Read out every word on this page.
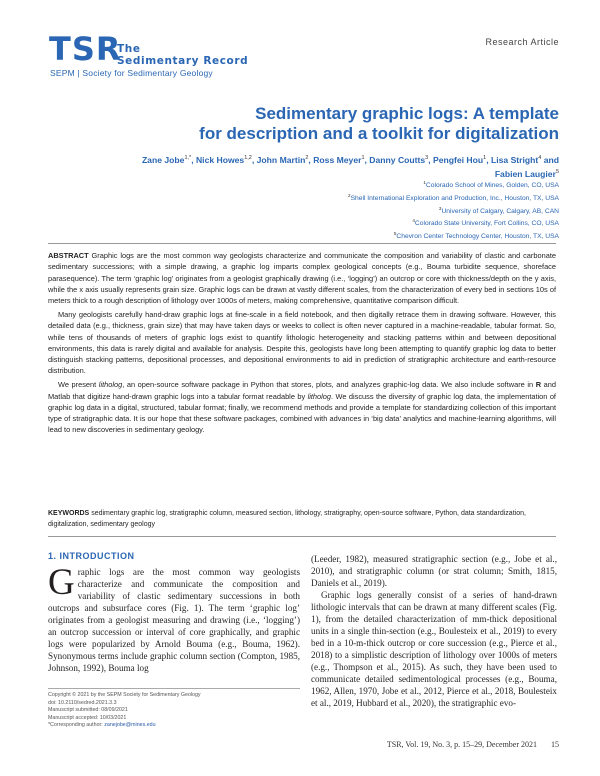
TSR
The
Sedimentary Record
SEPM | Society for Sedimentary Geology
Research Article
Sedimentary graphic logs: A template
for description and a toolkit for digitalization
Zane Jobe$^{1,*}$, Nick Howes$^{1,2}$, John Martin$^2$, Ross Meyer$^1$, Danny Coutts$^3$, Pengfei Hou$^1$, Lisa Stright$^4$ and
Fabien Laugier$^5$
$^1$Colorado School of Mines, Golden, CO, USA
$^2$Shell International Exploration and Production, Inc., Houston, TX, USA
$^3$University of Calgary, Calgary, AB, CAN
$^4$Colorado State University, Fort Collins, CO, USA
$^5$Chevron Center Technology Center, Houston, TX, USA

ABSTRACT Graphic logs are the most common way geologists characterize and communicate the composition and variability of clastic and carbonate sedimentary successions; with a simple drawing, a graphic log imparts complex geological concepts (e.g., Bouma turbidite sequence, shoreface parasequence). The term ‘graphic log’ originates from a geologist graphically drawing (i.e., ‘logging’) an outcrop or core with thickness/depth on the y axis, while the x axis usually represents grain size. Graphic logs can be drawn at vastly different scales, from the characterization of every bed in sections 10s of meters thick to a rough description of lithology over 1000s of meters, making comprehensive, quantitative comparison difficult.

Many geologists carefully hand-draw graphic logs at fine-scale in a field notebook, and then digitally retrace them in drawing software. However, this detailed data (e.g., thickness, grain size) that may have taken days or weeks to collect is often never captured in a machine-readable, tabular format. So, while tens of thousands of meters of graphic logs exist to quantify lithologic heterogeneity and stacking patterns within and between depositional environments, this data is rarely digital and available for analysis. Despite this, geologists have long been attempting to quantify graphic log data to better distinguish stacking patterns, depositional processes, and depositional environments to aid in prediction of stratigraphic architecture and earth-resource distribution.

We present litholog, an open-source software package in Python that stores, plots, and analyzes graphic-log data. We also include software in R and Matlab that digitize hand-drawn graphic logs into a tabular format readable by litholog. We discuss the diversity of graphic log data, the implementation of graphic log data in a digital, structured, tabular format; finally, we recommend methods and provide a template for standardizing collection of this important type of stratigraphic data. It is our hope that these software packages, combined with advances in ‘big data’ analytics and machine-learning algorithms, will lead to new discoveries in sedimentary geology.

KEYWORDS sedimentary graphic log, stratigraphic column, measured section, lithology, stratigraphy, open-source software, Python, data standardization, digitalization, sedimentary geology
1. INTRODUCTION

Graphic logs are the most common way geologists characterize and communicate the composition and variability of clastic sedimentary successions in both outcrops and subsurface cores (Fig. 1). The term ‘graphic log’ originates from a geologist measuring and drawing (i.e., ‘logging’) an outcrop succession or interval of core graphically, and graphic logs were popularized by Arnold Bouma (e.g., Bouma, 1962). Synonymous terms include graphic column section (Compton, 1985, Johnson, 1992), Bouma log

(Leeder, 1982), measured stratigraphic section (e.g., Jobe et al., 2010), and stratigraphic column (or strat column; Smith, 1815, Daniels et al., 2019).

Graphic logs generally consist of a series of hand-drawn lithologic intervals that can be drawn at many different scales (Fig. 1), from the detailed characterization of mm-thick depositional units in a single thin-section (e.g., Boulesteix et al., 2019) to every bed in a 10-m-thick outcrop or core succession (e.g., Pierce et al., 2018) to a simplistic description of lithology over 1000s of meters (e.g., Thompson et al., 2015). As such, they have been used to communicate detailed sedimentological processes (e.g., Bouma, 1962, Allen, 1970, Jobe et al., 2012, Pierce et al., 2018, Boulesteix et al., 2019, Hubbard et al., 2020), the stratigraphic evo-

Copyright © 2021 by the SEPM Society for Sedimentary Geology
doi: 10.2110/sedred.2021.3.3
Manuscript submitted: 08/09/2021
Manuscript accepted: 10/03/2021
*Corresponding author: zanejobe@mines.edu
TSR, Vol. 19, No. 3, p. 15–29, December 2021 15
